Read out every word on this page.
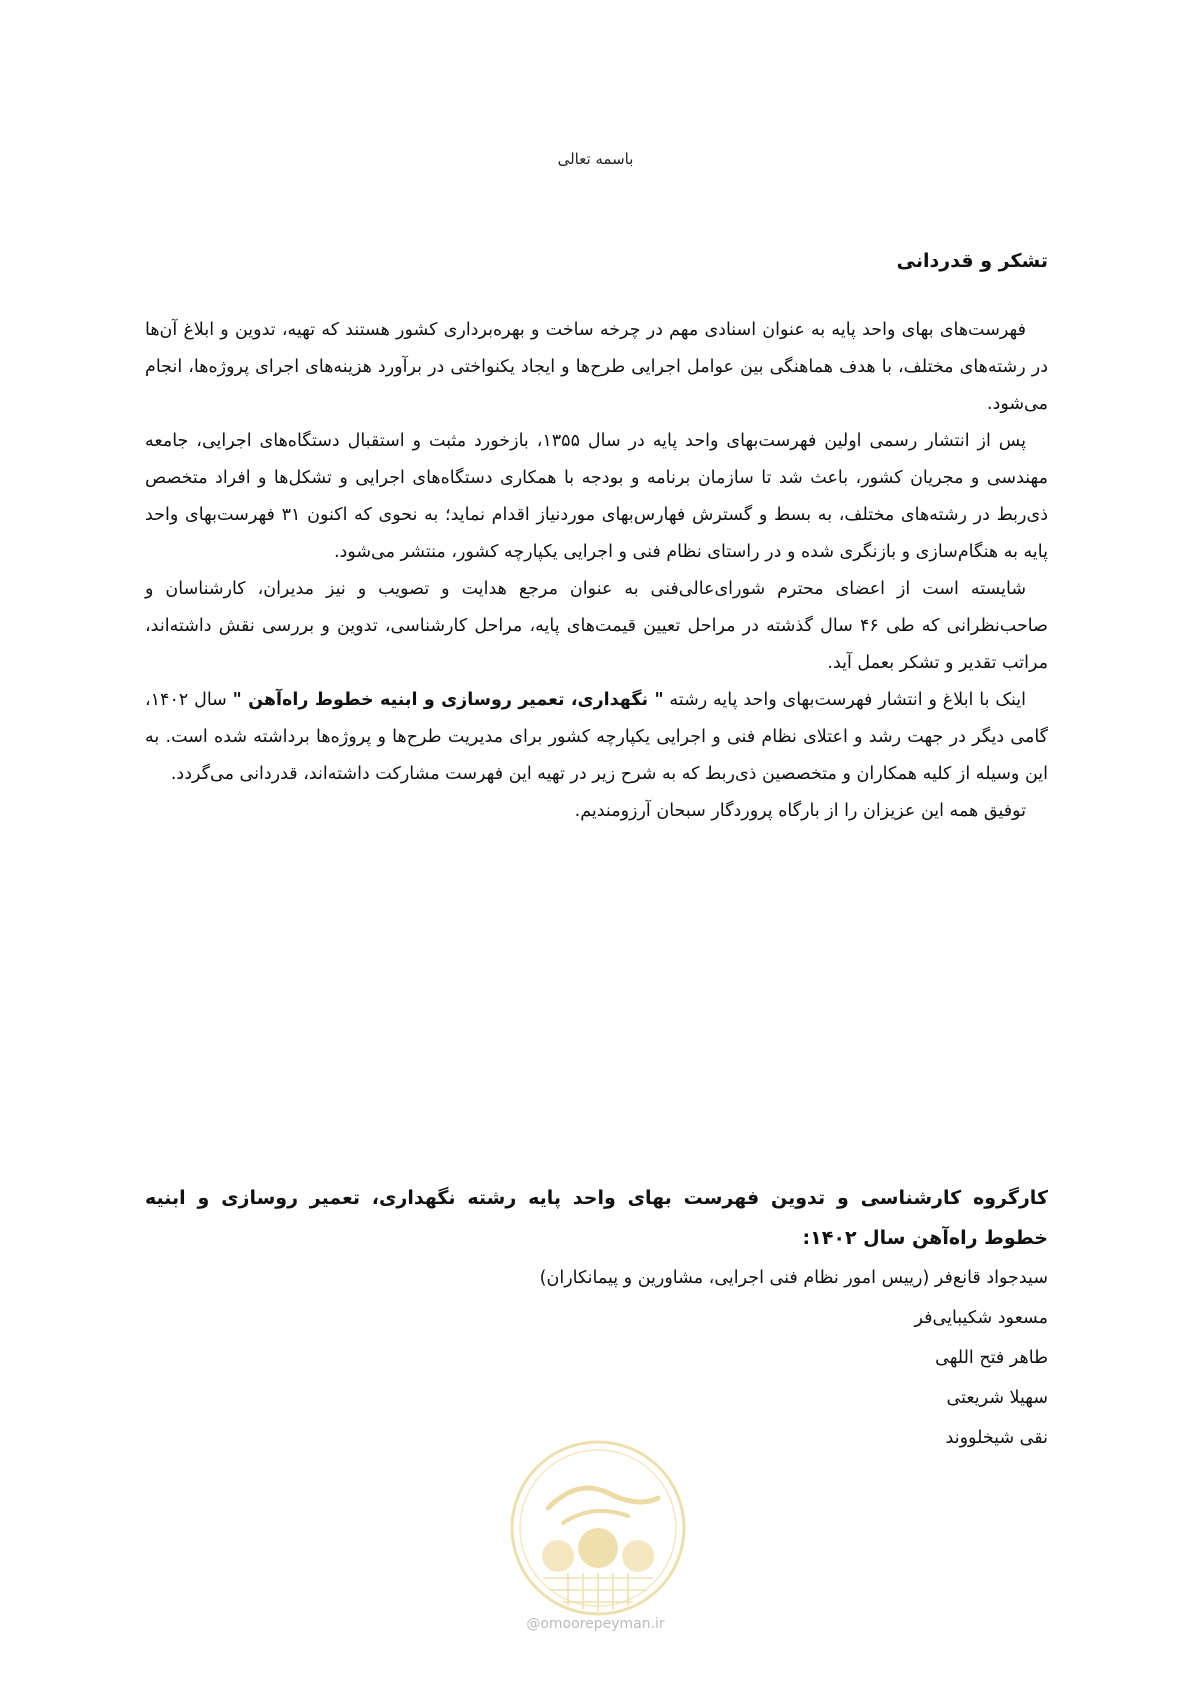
باسمه تعالی
تشکر و قدردانی

فهرست‌های بهای واحد پایه به عنوان اسنادی مهم در چرخه ساخت و بهره‌برداری کشور هستند که تهیه، تدوین و ابلاغ آن‌ها در رشته‌های مختلف، با هدف هماهنگی بین عوامل اجرایی طرح‌ها و ایجاد یکنواختی در برآورد هزینه‌های اجرای پروژه‌ها، انجام می‌شود.

پس از انتشار رسمی اولین فهرست‌بهای واحد پایه در سال ۱۳۵۵، بازخورد مثبت و استقبال دستگاه‌های اجرایی، جامعه مهندسی و مجریان کشور، باعث شد تا سازمان برنامه و بودجه با همکاری دستگاه‌های اجرایی و تشکل‌ها و افراد متخصص ذی‌ربط در رشته‌های مختلف، به بسط و گسترش فهارس‌بهای موردنیاز اقدام نماید؛ به نحوی که اکنون ۳۱ فهرست‌بهای واحد پایه به هنگام‌سازی و بازنگری شده و در راستای نظام فنی و اجرایی یکپارچه کشور، منتشر می‌شود.

شایسته است از اعضای محترم شورای‌عالی‌فنی به عنوان مرجع هدایت و تصویب و نیز مدیران، کارشناسان و صاحب‌نظرانی که طی ۴۶ سال گذشته در مراحل تعیین قیمت‌های پایه، مراحل کارشناسی، تدوین و بررسی نقش داشته‌اند، مراتب تقدیر و تشکر بعمل آید.

اینک با ابلاغ و انتشار فهرست‌بهای واحد پایه رشته " نگهداری، تعمیر روسازی و ابنیه خطوط راه‌آهن " سال ۱۴۰۲، گامی دیگر در جهت رشد و اعتلای نظام فنی و اجرایی یکپارچه کشور برای مدیریت طرح‌ها و پروژه‌ها برداشته شده است. به این وسیله از کلیه همکاران و متخصصین ذی‌ربط که به شرح زیر در تهیه این فهرست مشارکت داشته‌اند، قدردانی می‌گردد.

توفیق همه این عزیزان را از بارگاه پروردگار سبحان آرزومندیم.

کارگروه کارشناسی و تدوین فهرست بهای واحد پایه رشته نگهداری، تعمیر روسازی و ابنیه خطوط راه‌آهن سال ۱۴۰۲:

سیدجواد قانع‌فر (رییس امور نظام فنی اجرایی، مشاورین و پیمانکاران)

مسعود شکیبایی‌فر

طاهر فتح اللهی

سهیلا شریعتی

نقی شیخلووند

@omoorepeyman.ir
